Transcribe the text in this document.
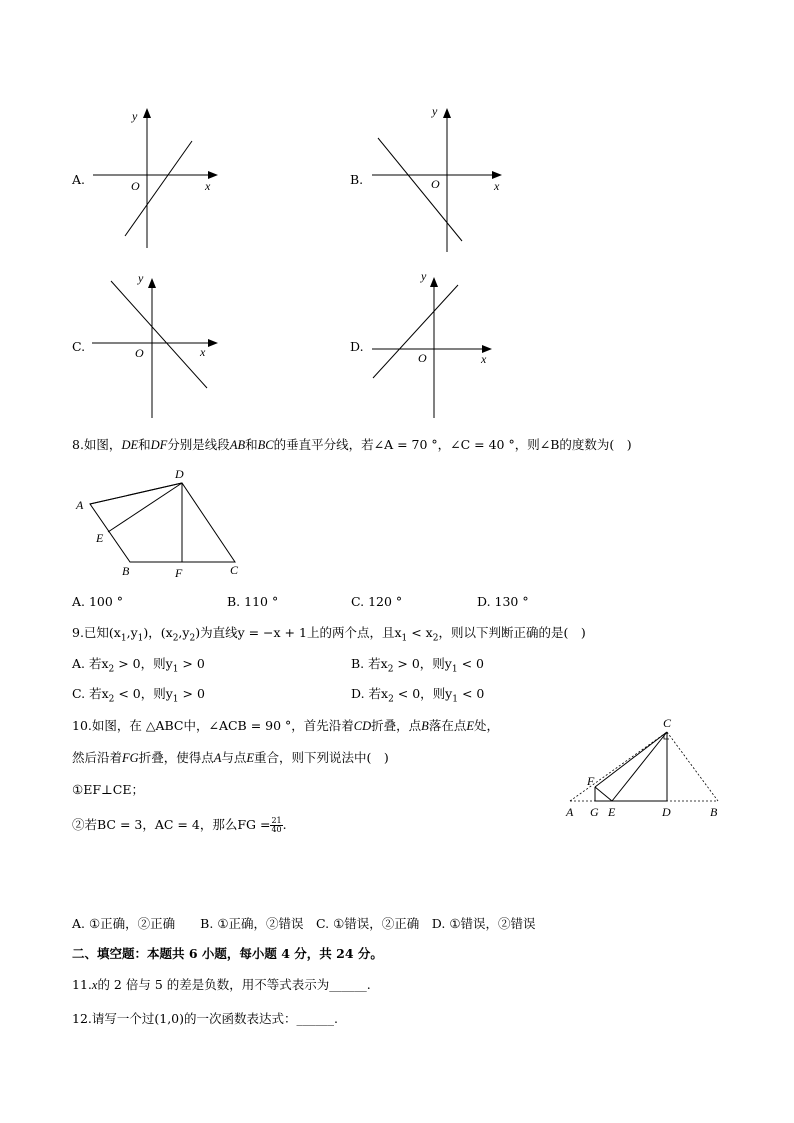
A.
y
x
O	B.
y
x
O
C.
y
x
O	D.
y
x
O
8.如图，DE和DF分别是线段AB和BC的垂直平分线，若∠A = 70 °，∠C = 40 °，则∠B的度数为(　)
A
D
E
B	F	C
A. 100 °	B. 110 °	C. 120 °	D. 130 °
9.已知$(x_1,y_1)$，$(x_2,y_2)$为直线y = −x + 1上的两个点，且$x_1 < x_2$，则以下判断正确的是(　)
A. 若$x_2 > 0$，则$y_1 > 0$	B. 若$x_2 > 0$，则$y_1 < 0$
C. 若$x_2 < 0$，则$y_1 > 0$	D. 若$x_2 < 0$，则$y_1 < 0$
10.如图，在 △ABC中，∠ACB = 90 °，首先沿着CD折叠，点B落在点E处，
然后沿着FG折叠，使得点A与点E重合，则下列说法中(　)
①EF⊥CE；
②若BC = 3，AC = 4，那么FG = $\frac{21}{40}$ .
C
F
A G E	D	B
A. ①正确，②正确　　B. ①正确，②错误　C. ①错误，②正确　D. ①错误，②错误
二、填空题：本题共 6 小题，每小题 4 分，共 24 分。
11.x的 2 倍与 5 的差是负数，用不等式表示为______.
12.请写一个过(1,0)的一次函数表达式：______.
